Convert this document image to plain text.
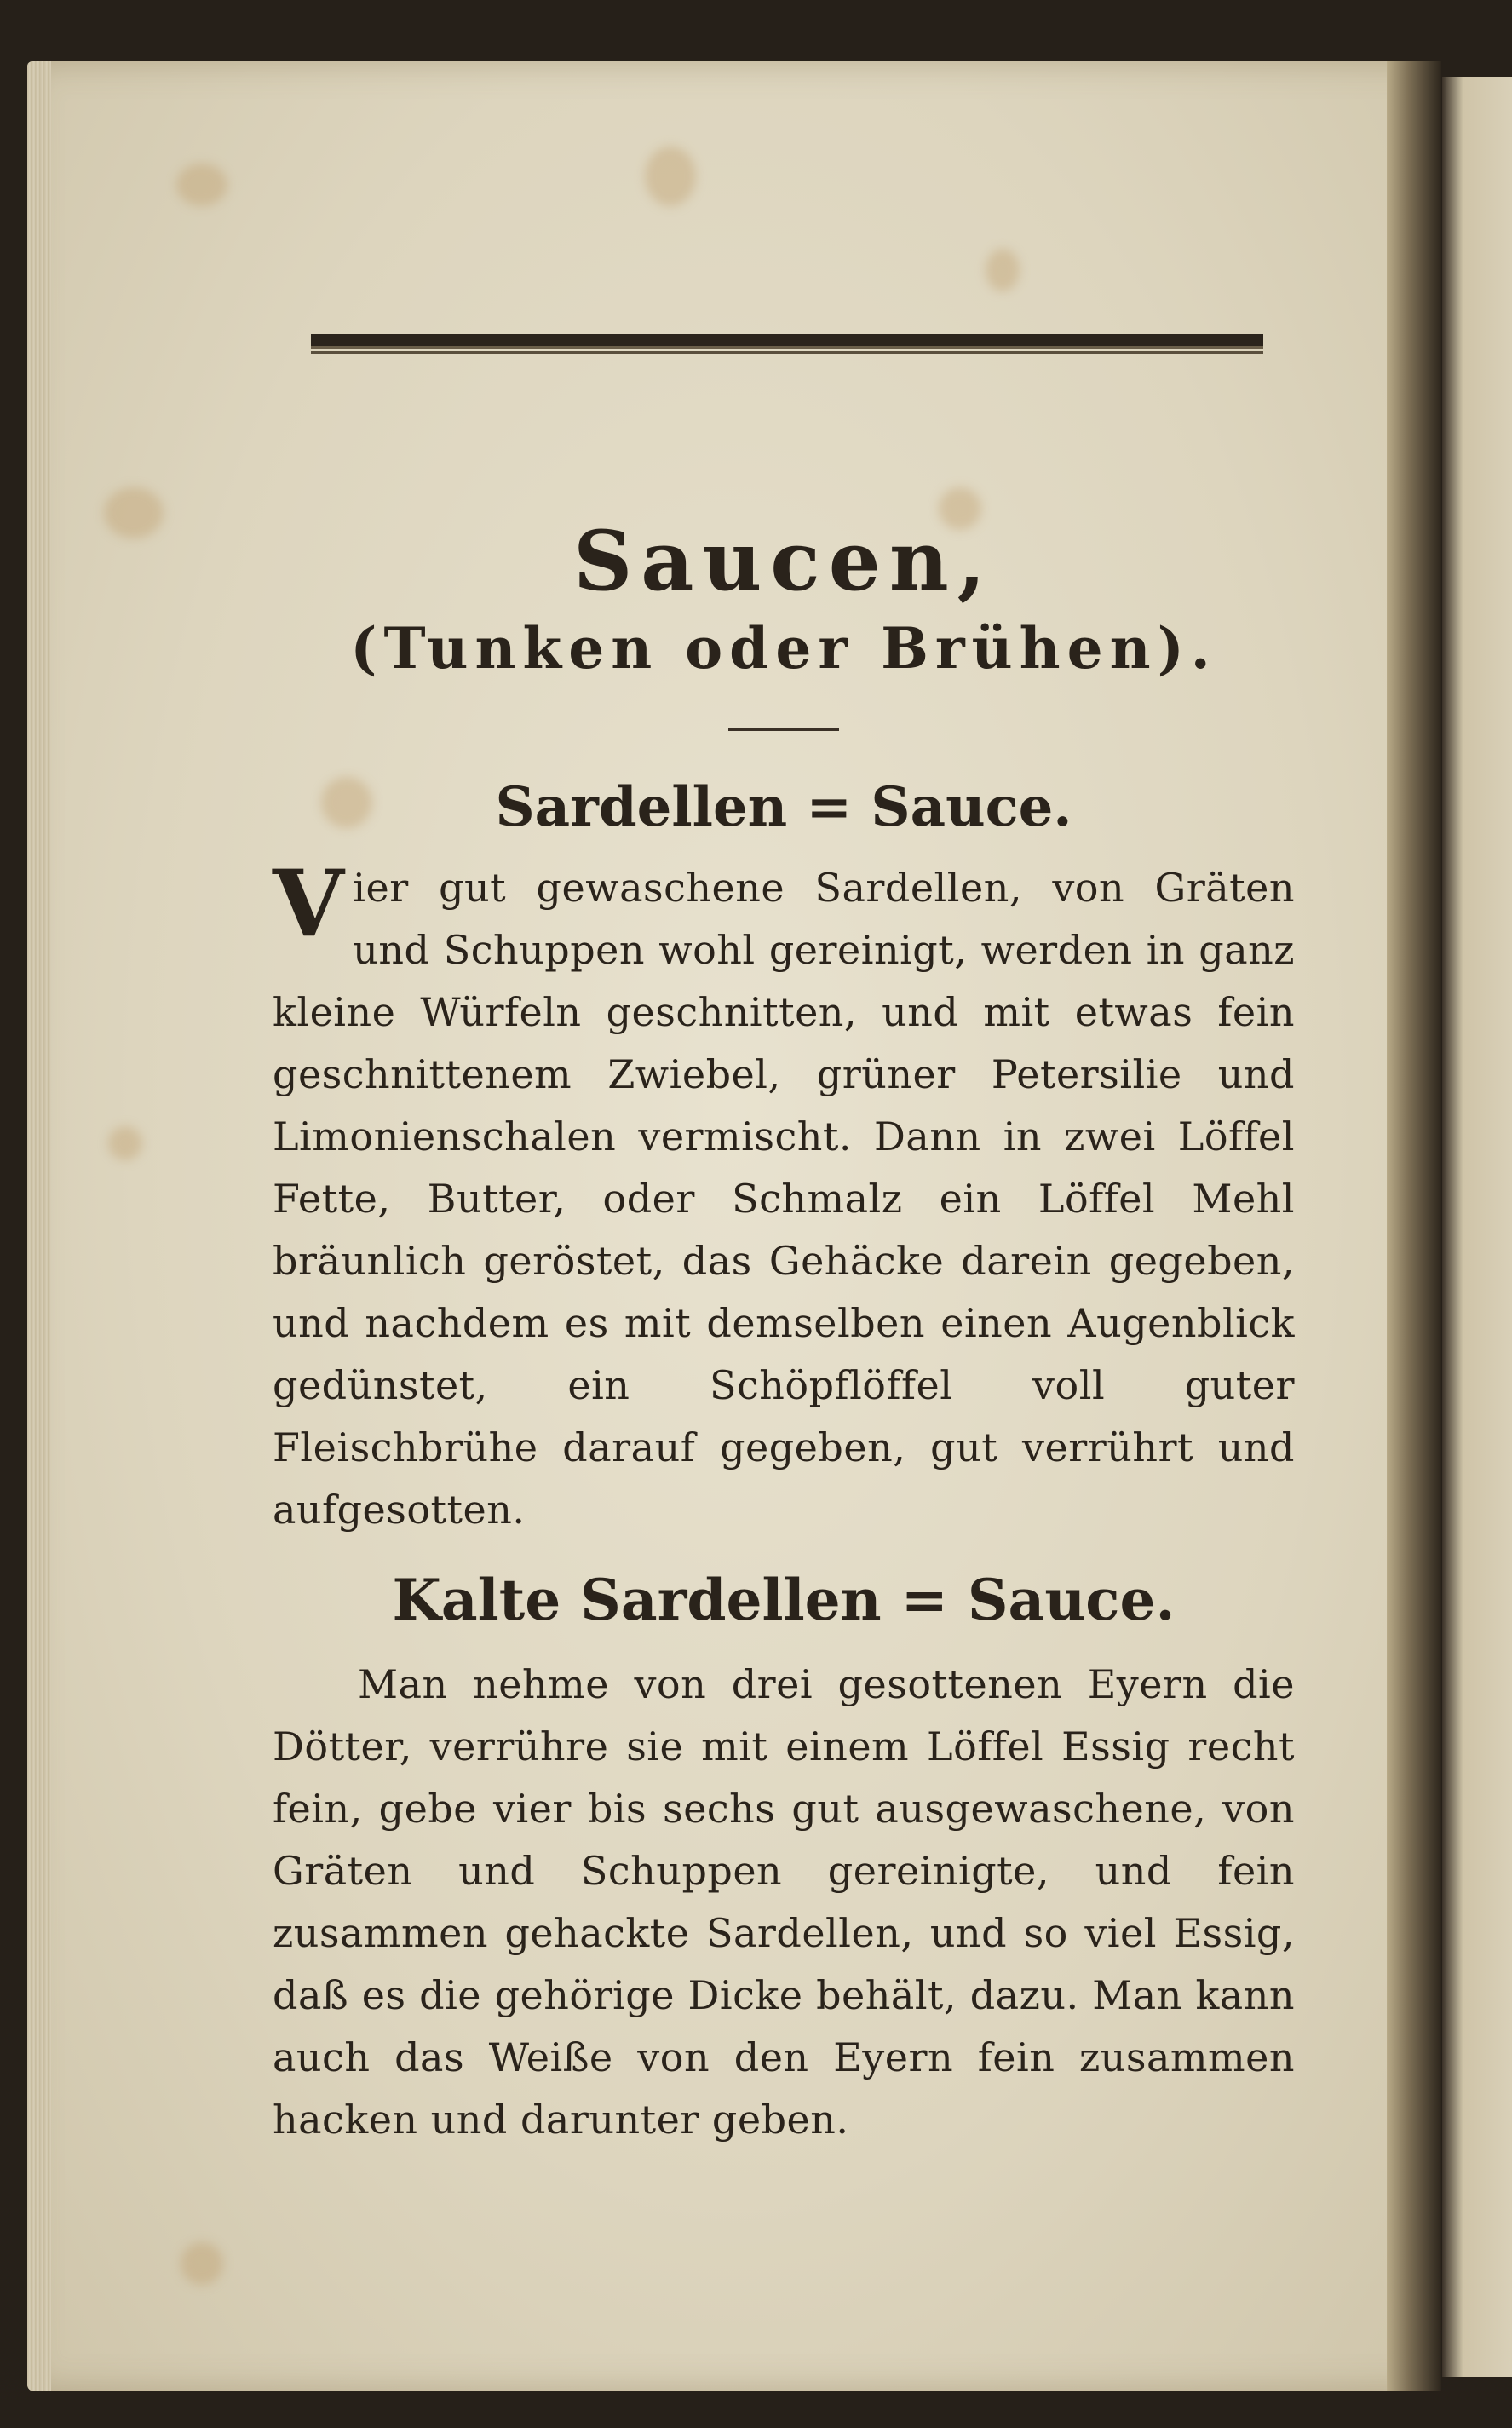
Saucen,
(Tunken oder Brühen).
Sardellen = Sauce.

Vier gut gewaschene Sardellen, von Gräten und Schuppen wohl gereinigt, werden in ganz kleine Würfeln geschnitten, und mit etwas fein geschnittenem Zwiebel, grüner Petersilie und Limonienschalen vermischt. Dann in zwei Löffel Fette, Butter, oder Schmalz ein Löffel Mehl bräunlich geröstet, das Gehäcke darein gegeben, und nachdem es mit demselben einen Augenblick gedünstet, ein Schöpflöffel voll guter Fleischbrühe darauf gegeben, gut verrührt und aufgesotten.

Kalte Sardellen = Sauce.

Man nehme von drei gesottenen Eyern die Dötter, verrühre sie mit einem Löffel Essig recht fein, gebe vier bis sechs gut ausgewaschene, von Gräten und Schuppen gereinigte, und fein zusammen gehackte Sardellen, und so viel Essig, daß es die gehörige Dicke behält, dazu. Man kann auch das Weiße von den Eyern fein zusammen hacken und darunter geben.
